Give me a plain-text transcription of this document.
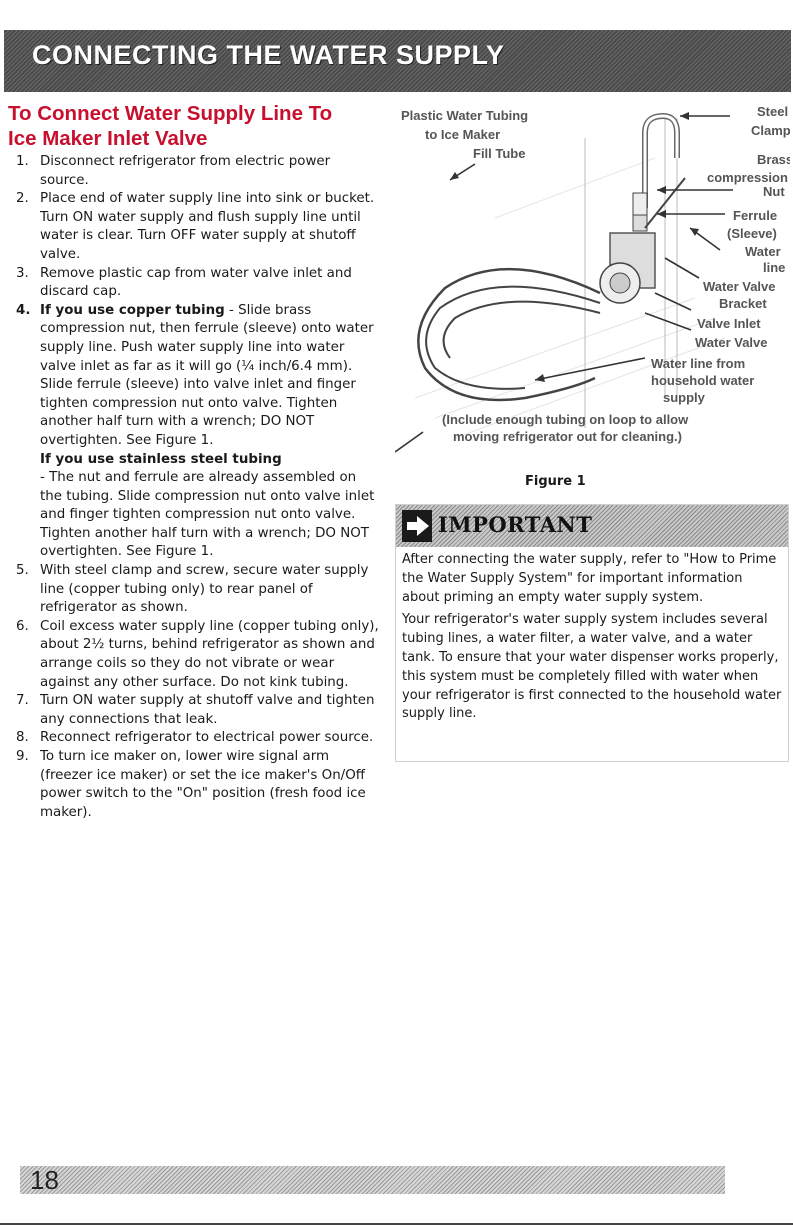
CONNECTING THE WATER SUPPLY
To Connect Water Supply Line To
Ice Maker Inlet Valve
1. Disconnect refrigerator from electric power source.
2. Place end of water supply line into sink or bucket. Turn ON water supply and flush supply line until water is clear. Turn OFF water supply at shutoff valve.
3. Remove plastic cap from water valve inlet and discard cap.
4. If you use copper tubing - Slide brass compression nut, then ferrule (sleeve) onto water supply line. Push water supply line into water valve inlet as far as it will go (¼ inch/6.4 mm). Slide ferrule (sleeve) into valve inlet and finger tighten compression nut onto valve. Tighten another half turn with a wrench; DO NOT overtighten. See Figure 1.
If you use stainless steel tubing
- The nut and ferrule are already assembled on the tubing. Slide compression nut onto valve inlet and finger tighten compression nut onto valve. Tighten another half turn with a wrench; DO NOT overtighten. See Figure 1.
5. With steel clamp and screw, secure water supply line (copper tubing only) to rear panel of refrigerator as shown.
6. Coil excess water supply line (copper tubing only), about 2½ turns, behind refrigerator as shown and arrange coils so they do not vibrate or wear against any other surface. Do not kink tubing.
7. Turn ON water supply at shutoff valve and tighten any connections that leak.
8. Reconnect refrigerator to electrical power source.
9. To turn ice maker on, lower wire signal arm (freezer ice maker) or set the ice maker's On/Off power switch to the "On" position (fresh food ice maker).
Plastic Water Tubing
to Ice Maker
Fill Tube
Steel
Clamp
Brass
compression
Nut
Ferrule
(Sleeve)
Water
line
Water Valve
Bracket
Valve Inlet
Water Valve
Water line from
household water
supply
(Include enough tubing on loop to allow
moving refrigerator out for cleaning.)
Figure 1
IMPORTANT

After connecting the water supply, refer to "How to Prime the Water Supply System" for important information about priming an empty water supply system.

Your refrigerator's water supply system includes several tubing lines, a water filter, a water valve, and a water tank. To ensure that your water dispenser works properly, this system must be completely filled with water when your refrigerator is first connected to the household water supply line.

18
